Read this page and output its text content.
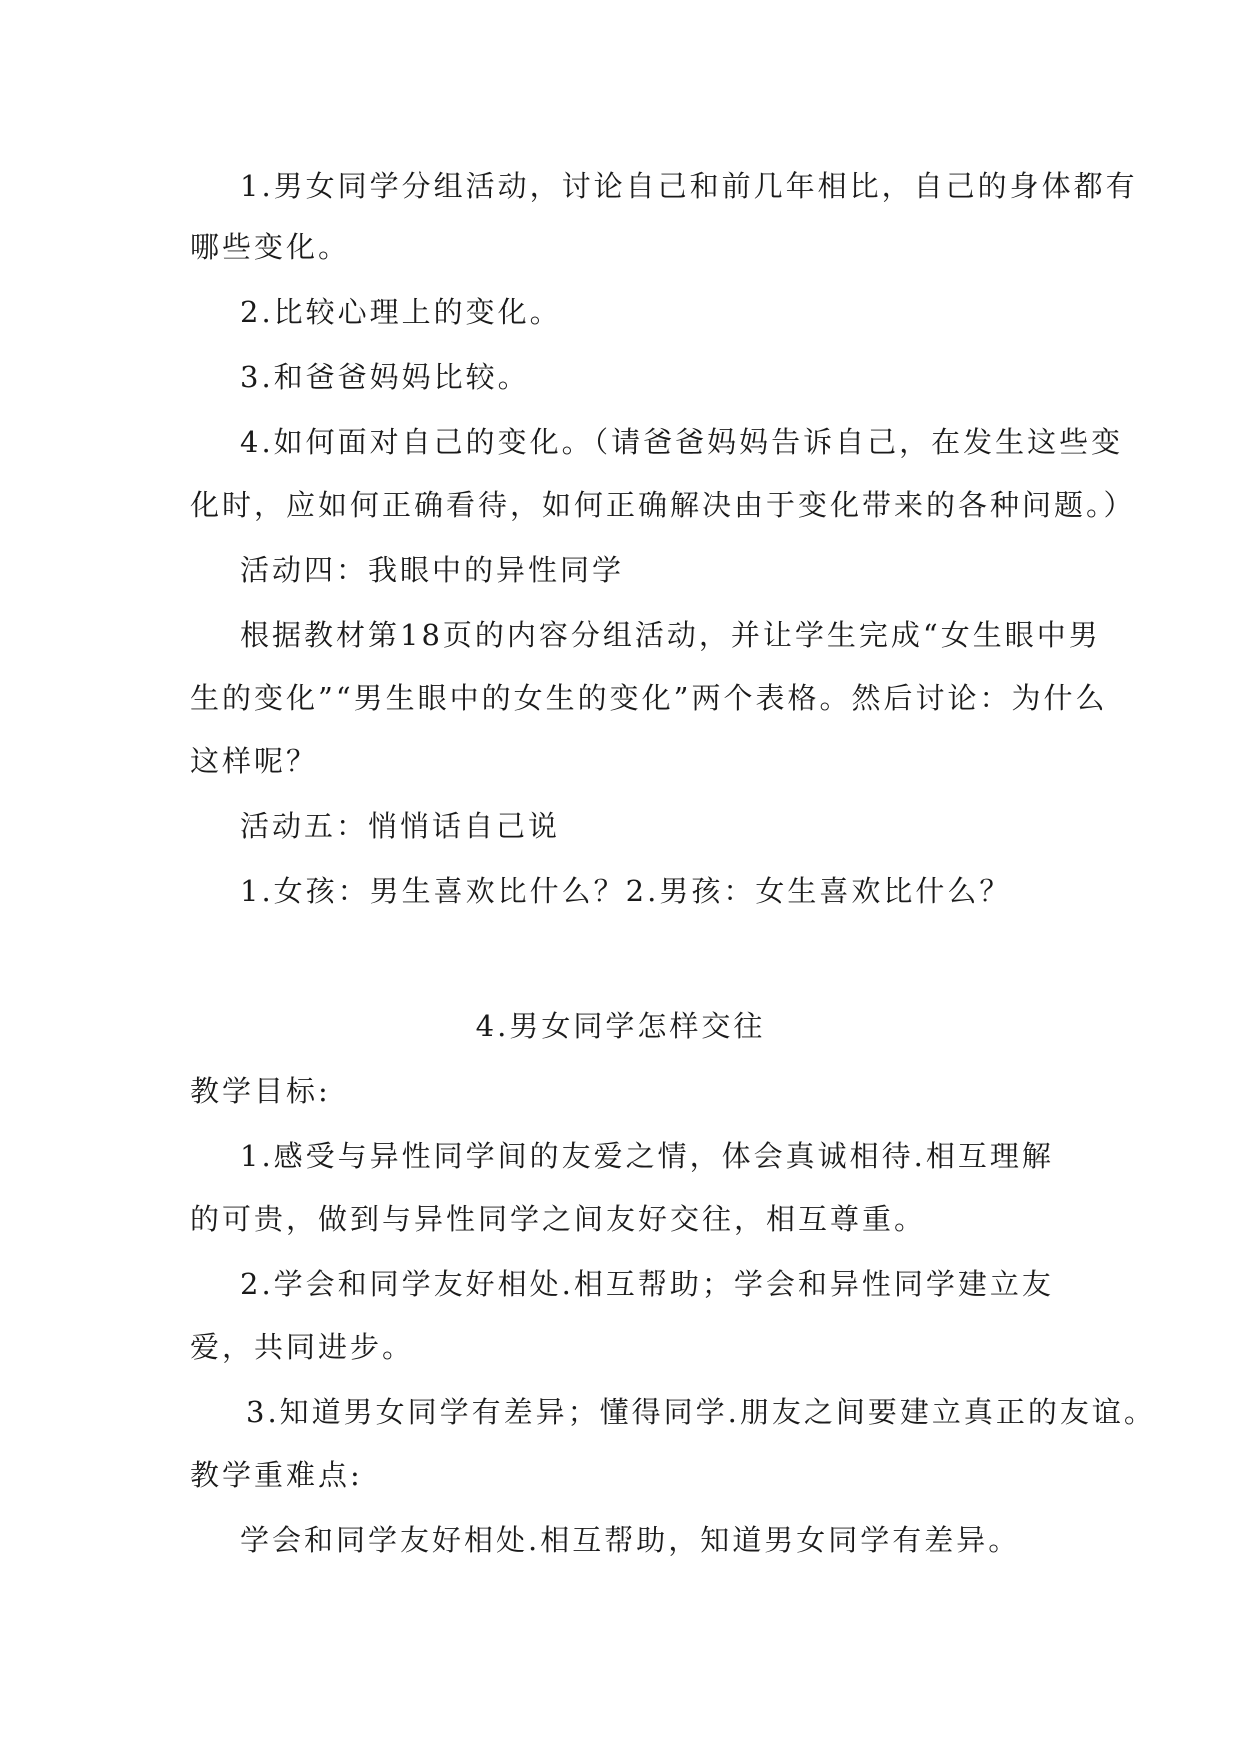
1.男女同学分组活动，讨论自己和前几年相比，自己的身体都有
哪些变化。
2.比较心理上的变化。
3.和爸爸妈妈比较。
4.如何面对自己的变化。（请爸爸妈妈告诉自己，在发生这些变
化时，应如何正确看待，如何正确解决由于变化带来的各种问题。）
活动四：我眼中的异性同学
根据教材第18页的内容分组活动，并让学生完成“女生眼中男
生的变化”“男生眼中的女生的变化”两个表格。然后讨论：为什么
这样呢？
活动五：悄悄话自己说
1.女孩：男生喜欢比什么？2.男孩：女生喜欢比什么？
4.男女同学怎样交往
教学目标:
1.感受与异性同学间的友爱之情，体会真诚相待.相互理解
的可贵，做到与异性同学之间友好交往，相互尊重。
2.学会和同学友好相处.相互帮助；学会和异性同学建立友
爱，共同进步。
3.知道男女同学有差异；懂得同学.朋友之间要建立真正的友谊。
教学重难点:
学会和同学友好相处.相互帮助，知道男女同学有差异。
